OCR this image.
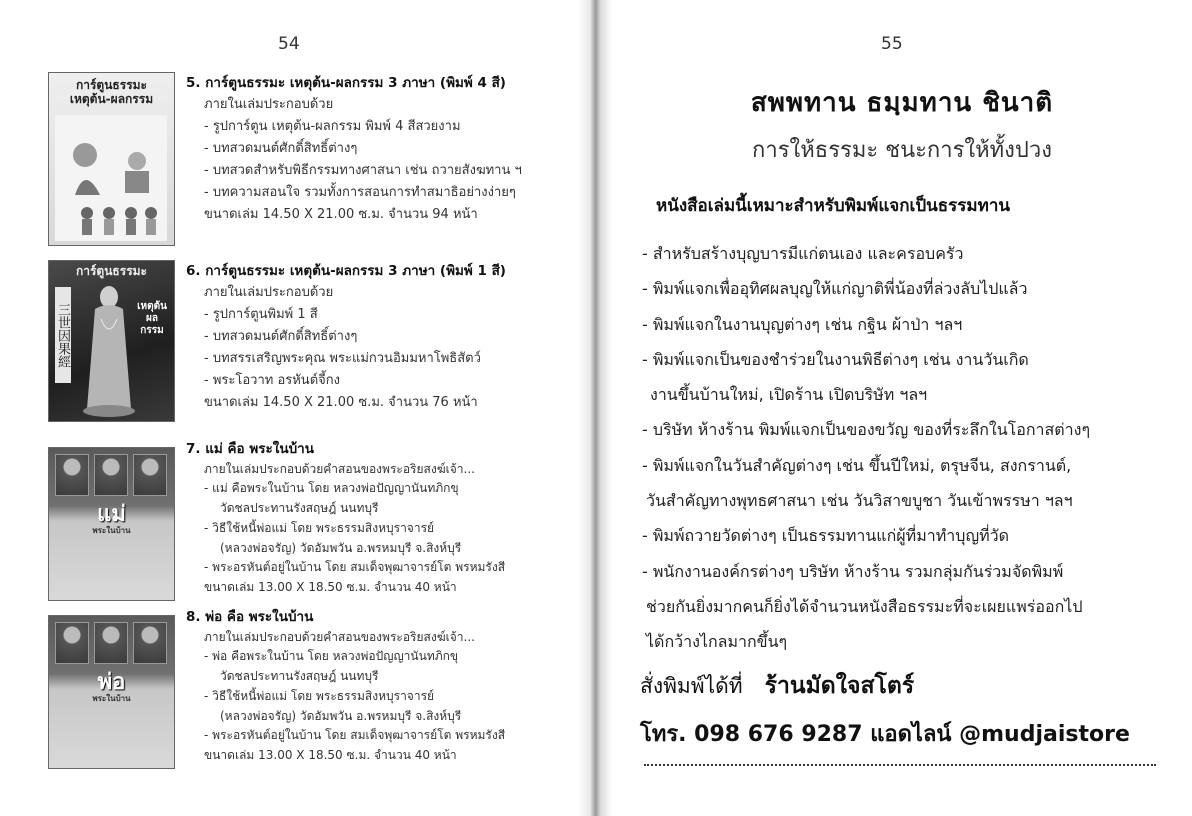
54
การ์ตูนธรรมะ
เหตุต้น-ผลกรรม
การ์ตูนธรรมะ
三世因果經	เหตุต้น ผลกรรม
แม่
พระในบ้าน
พ่อ
พระในบ้าน
5. การ์ตูนธรรมะ เหตุต้น-ผลกรรม 3 ภาษา (พิมพ์ 4 สี)
ภายในเล่มประกอบด้วย
- รูปการ์ตูน เหตุต้น-ผลกรรม พิมพ์ 4 สีสวยงาม
- บทสวดมนต์ศักดิ์สิทธิ์ต่างๆ
- บทสวดสำหรับพิธีกรรมทางศาสนา เช่น ถวายสังฆทาน ฯ
- บทความสอนใจ รวมทั้งการสอนการทำสมาธิอย่างง่ายๆ
ขนาดเล่ม 14.50 X 21.00 ซ.ม. จำนวน 94 หน้า
6. การ์ตูนธรรมะ เหตุต้น-ผลกรรม 3 ภาษา (พิมพ์ 1 สี)
ภายในเล่มประกอบด้วย
- รูปการ์ตูนพิมพ์ 1 สี
- บทสวดมนต์ศักดิ์สิทธิ์ต่างๆ
- บทสรรเสริญพระคุณ พระแม่กวนอิมมหาโพธิสัตว์
- พระโอวาท อรหันต์จี้กง
ขนาดเล่ม 14.50 X 21.00 ซ.ม. จำนวน 76 หน้า
7. แม่ คือ พระในบ้าน
ภายในเล่มประกอบด้วยคำสอนของพระอริยสงฆ์เจ้า...
- แม่ คือพระในบ้าน โดย หลวงพ่อปัญญานันทภิกขุ
วัดชลประทานรังสฤษฎ์ นนทบุรี
- วิธีใช้หนี้พ่อแม่ โดย พระธรรมสิงหบุราจารย์
(หลวงพ่อจรัญ) วัดอัมพวัน อ.พรหมบุรี จ.สิงห์บุรี
- พระอรหันต์อยู่ในบ้าน โดย สมเด็จพุฒาจารย์โต พรหมรังสี
ขนาดเล่ม 13.00 X 18.50 ซ.ม. จำนวน 40 หน้า
8. พ่อ คือ พระในบ้าน
ภายในเล่มประกอบด้วยคำสอนของพระอริยสงฆ์เจ้า...
- พ่อ คือพระในบ้าน โดย หลวงพ่อปัญญานันทภิกขุ
วัดชลประทานรังสฤษฎ์ นนทบุรี
- วิธีใช้หนี้พ่อแม่ โดย พระธรรมสิงหบุราจารย์
(หลวงพ่อจรัญ) วัดอัมพวัน อ.พรหมบุรี จ.สิงห์บุรี
- พระอรหันต์อยู่ในบ้าน โดย สมเด็จพุฒาจารย์โต พรหมรังสี
ขนาดเล่ม 13.00 X 18.50 ซ.ม. จำนวน 40 หน้า
55
สพพทาน ธมฺมทาน ชินาติ
การให้ธรรมะ ชนะการให้ทั้งปวง
หนังสือเล่มนี้เหมาะสำหรับพิมพ์แจกเป็นธรรมทาน
- สำหรับสร้างบุญบารมีแก่ตนเอง และครอบครัว
- พิมพ์แจกเพื่ออุทิศผลบุญให้แก่ญาติพี่น้องที่ล่วงลับไปแล้ว
- พิมพ์แจกในงานบุญต่างๆ เช่น กฐิน ผ้าป่า ฯลฯ
- พิมพ์แจกเป็นของชำร่วยในงานพิธีต่างๆ เช่น งานวันเกิด
งานขึ้นบ้านใหม่, เปิดร้าน เปิดบริษัท ฯลฯ
- บริษัท ห้างร้าน พิมพ์แจกเป็นของขวัญ ของที่ระลึกในโอกาสต่างๆ
- พิมพ์แจกในวันสำคัญต่างๆ เช่น ขึ้นปีใหม่, ตรุษจีน, สงกรานต์,
วันสำคัญทางพุทธศาสนา เช่น วันวิสาขบูชา วันเข้าพรรษา ฯลฯ
- พิมพ์ถวายวัดต่างๆ เป็นธรรมทานแก่ผู้ที่มาทำบุญที่วัด
- พนักงานองค์กรต่างๆ บริษัท ห้างร้าน รวมกลุ่มกันร่วมจัดพิมพ์
ช่วยกันยิ่งมากคนก็ยิ่งได้จำนวนหนังสือธรรมะที่จะเผยแพร่ออกไป
ได้กว้างไกลมากขึ้นๆ
สั่งพิมพ์ได้ที่ ร้านมัดใจสโตร์
โทร. 098 676 9287 แอดไลน์ @mudjaistore
